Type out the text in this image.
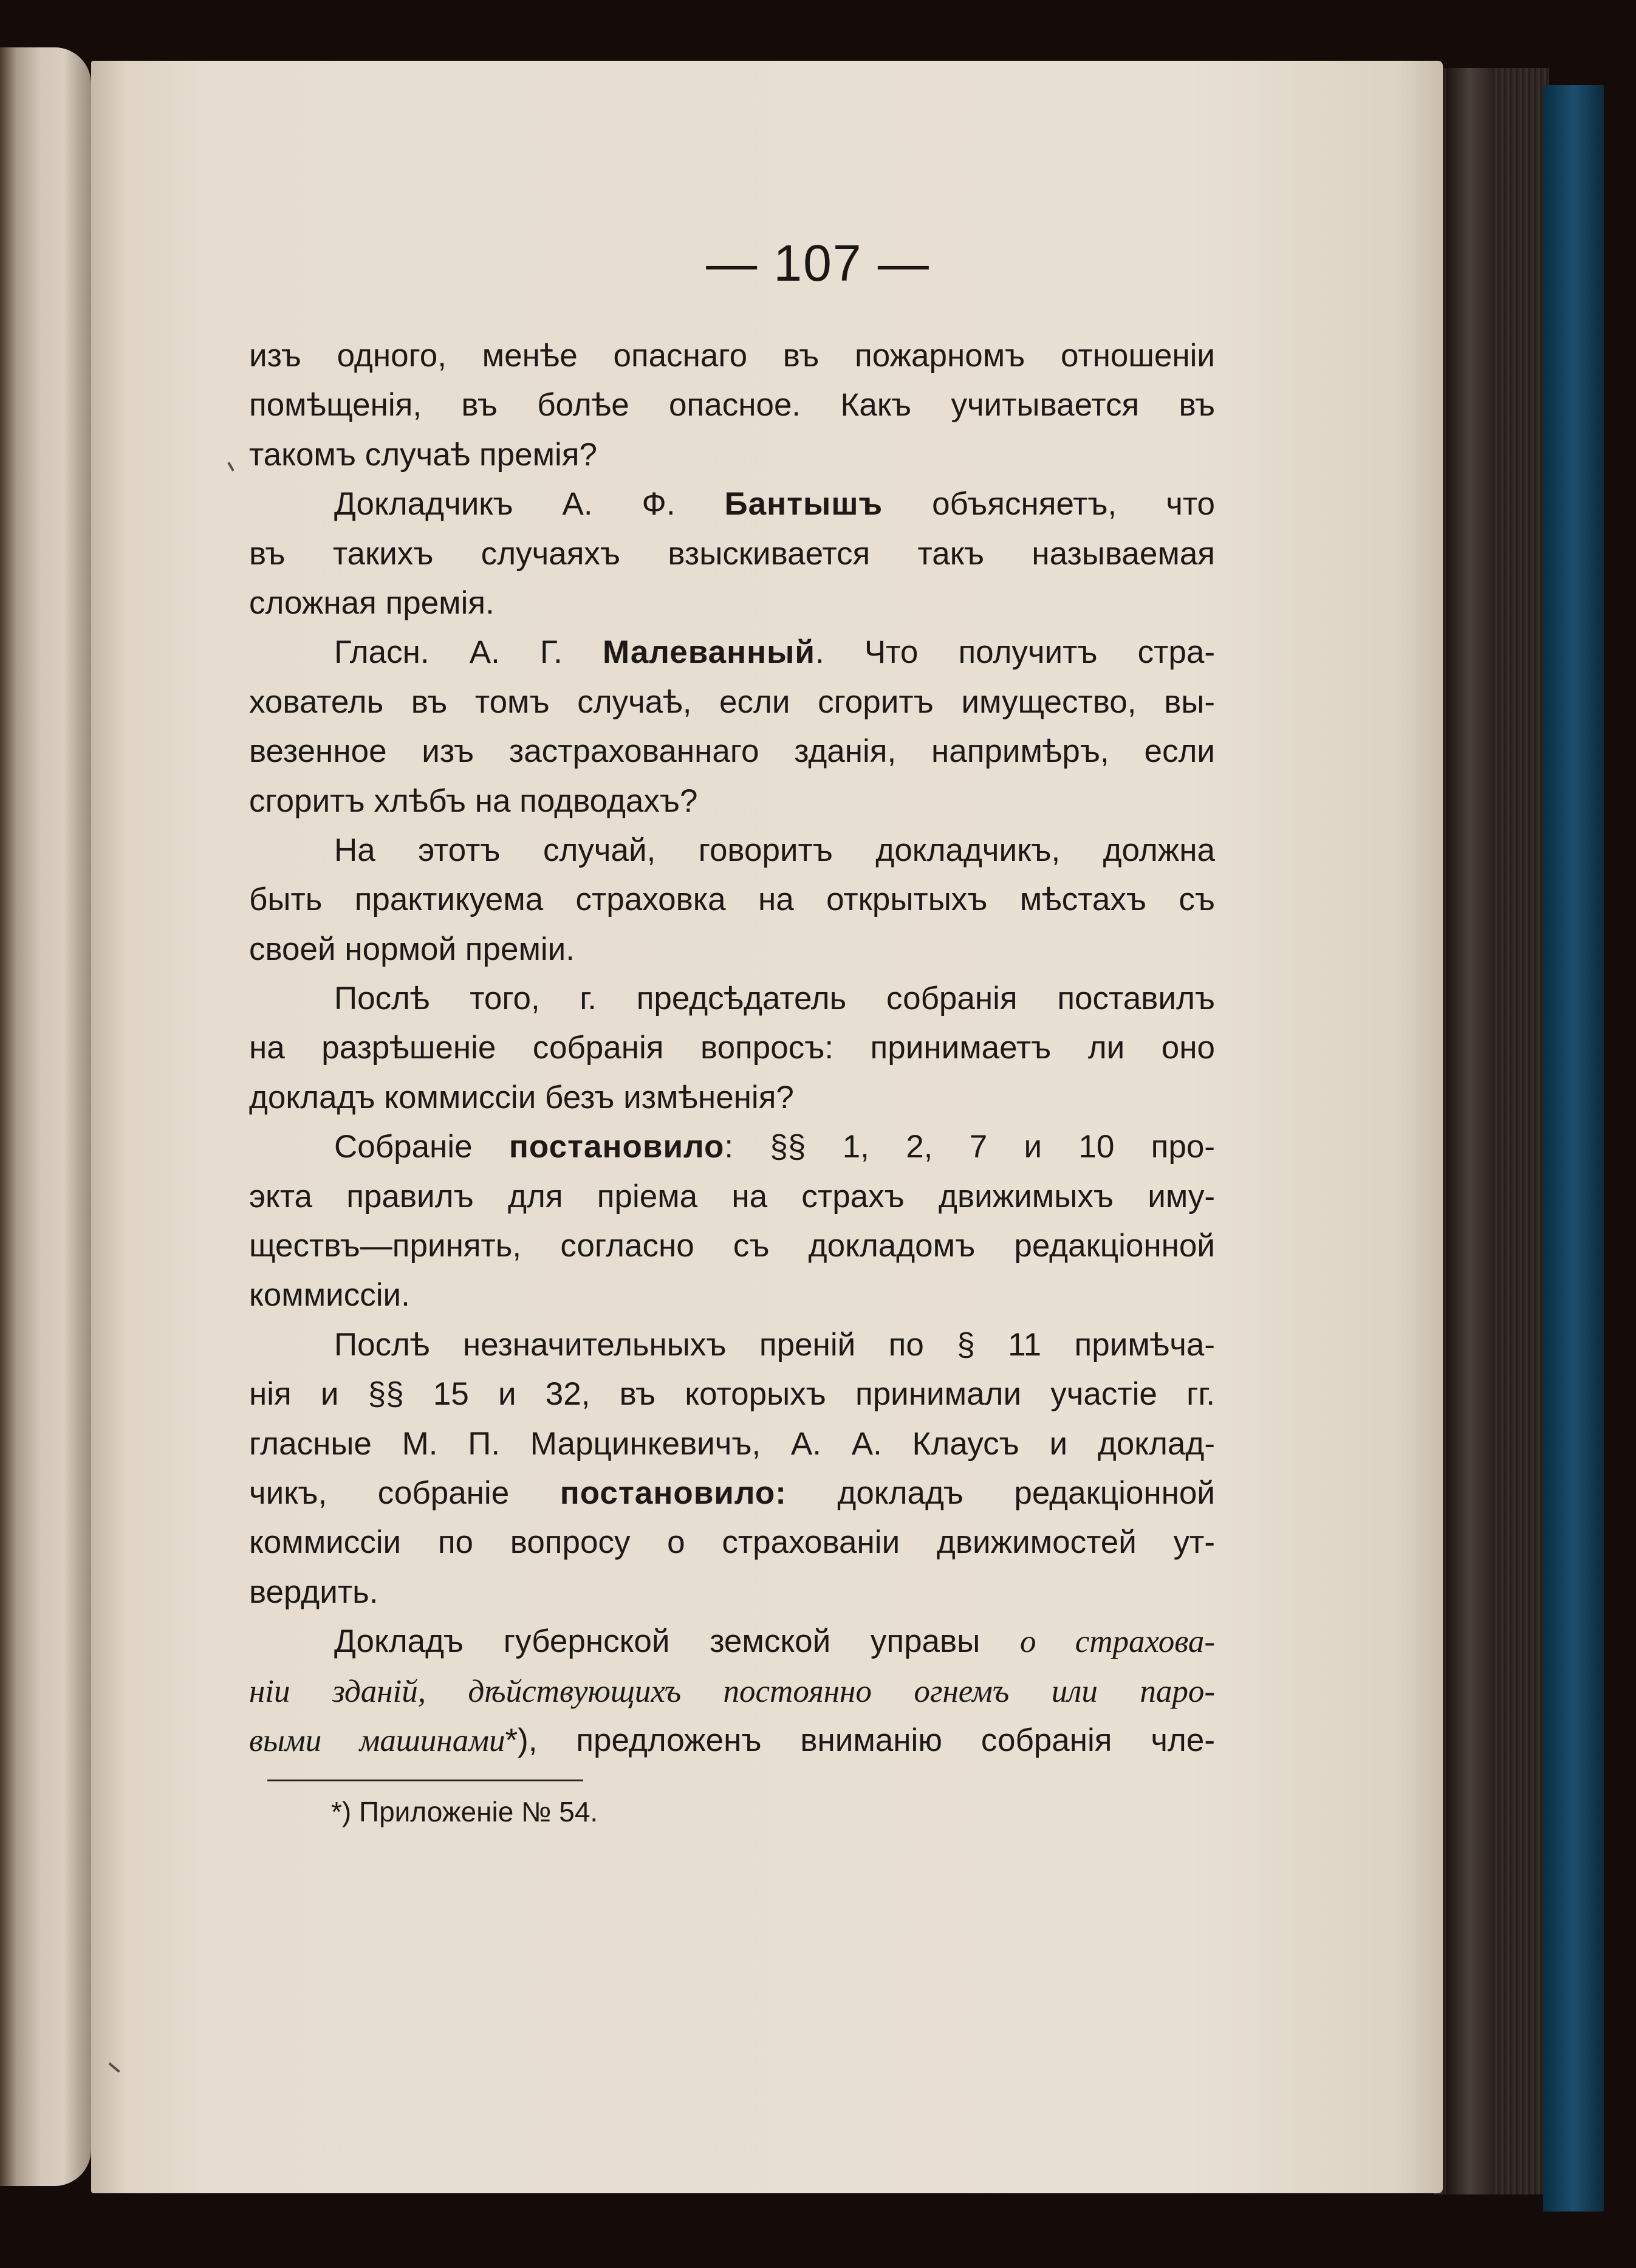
— 107 —
изъ одного, менѣе опаснаго въ пожарномъ отношеніи
помѣщенія, въ болѣе опасное. Какъ учитывается въ
такомъ случаѣ премія?
Докладчикъ А. Ф. Бантышъ объясняетъ, что
въ такихъ случаяхъ взыскивается такъ называемая
сложная премія.
Гласн. А. Г. Малеванный. Что получитъ стра-
хователь въ томъ случаѣ, если сгоритъ имущество, вы-
везенное изъ застрахованнаго зданія, напримѣръ, если
сгоритъ хлѣбъ на подводахъ?
На этотъ случай, говоритъ докладчикъ, должна
быть практикуема страховка на открытыхъ мѣстахъ съ
своей нормой преміи.
Послѣ того, г. предсѣдатель собранія поставилъ
на разрѣшеніе собранія вопросъ: принимаетъ ли оно
докладъ коммиссіи безъ измѣненія?
Собраніе постановило: §§ 1, 2, 7 и 10 про-
экта правилъ для пріема на страхъ движимыхъ иму-
ществъ—принять, согласно съ докладомъ редакціонной
коммиссіи.
Послѣ незначительныхъ преній по § 11 примѣча-
нія и §§ 15 и 32, въ которыхъ принимали участіе гг.
гласные М. П. Марцинкевичъ, А. А. Клаусъ и доклад-
чикъ, собраніе постановило: докладъ редакціонной
коммиссіи по вопросу о страхованіи движимостей ут-
вердить.
Докладъ губернской земской управы о страхова-
ніи зданій, дѣйствующихъ постоянно огнемъ или паро-
выми машинами*), предложенъ вниманію собранія чле-
*) Приложеніе № 54.
